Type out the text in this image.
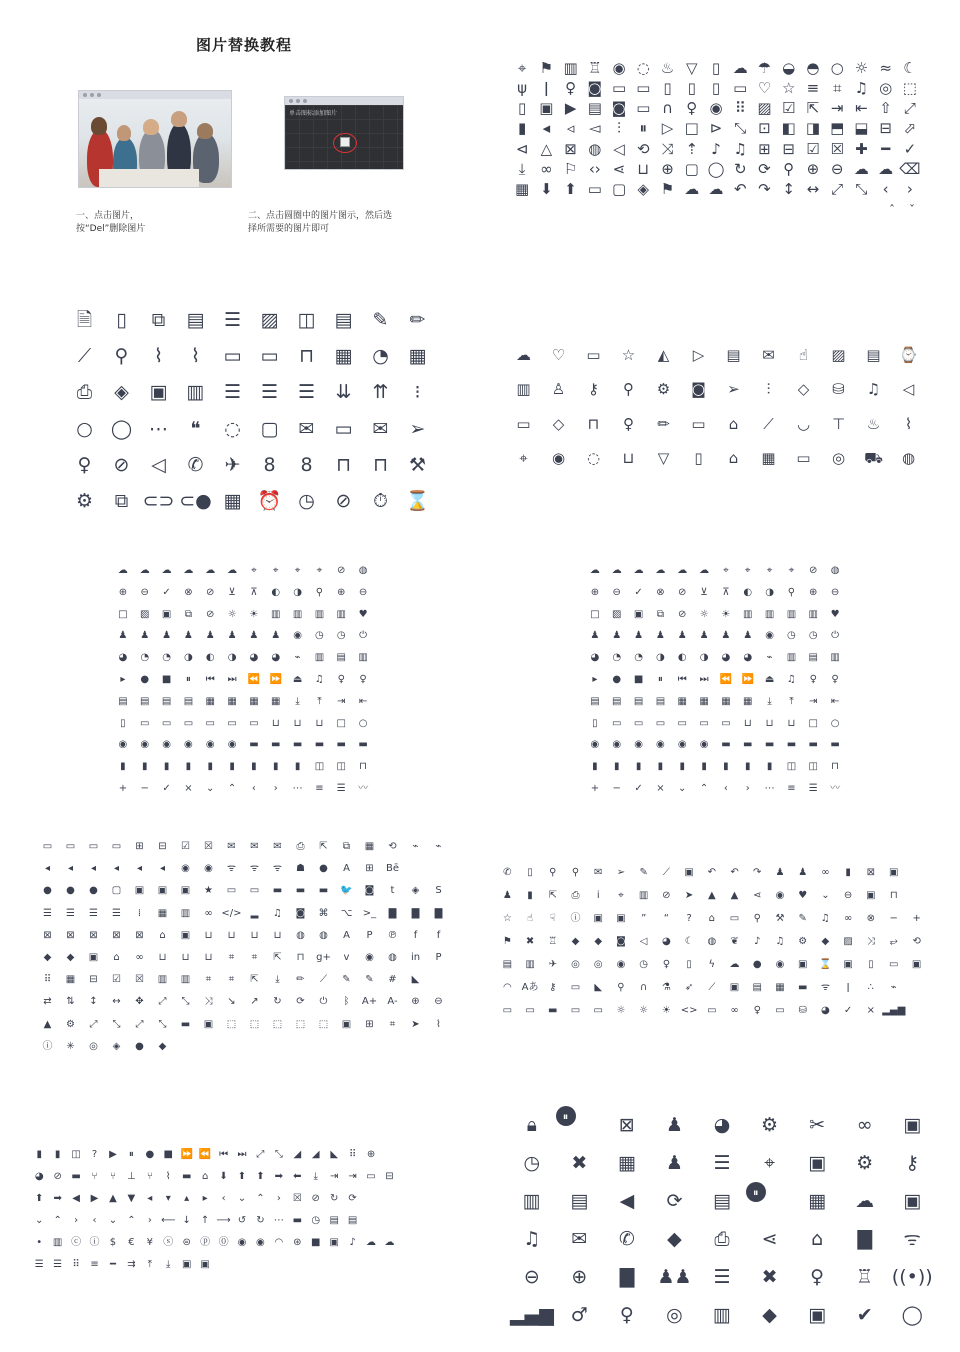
图片替换教程
单击图标添加图片
一、点击图片，按“Del”删除图片
二、点击圆圈中的图片图示，然后选择所需要的图片即可
⌖ ⚑ ▥ ♖ ◉ ◌ ♨ ▽ ▯ ☁ ☂ ◒ ◓ ○ ☼ ≈ ☾
ψ	ǀ	♀ ◙ ▭ ▭ ▯	▯	▯ ▭ ♡ ☆ ≡ ⌗ ♫ ◎ ⬚
▯ ▣ ▶ ▤ ◙ ▭ ∩ ♀ ◉ ⠿ ▨ ☑ ⇱ ⇥ ⇤ ⇧ ⤢
▮	◂	◃ ◅	⫶	⏸ ▷ □ ⊳ ⤡ ⊡ ◧ ◨ ⬒ ⬓ ⊟ ⬀
⊲ △ ⊠ ◍ ◁ ⟲ ⤨ ⇡ ♪ ♫ ⊞ ⊟ ☑ ☒ ✚ ━ ✓
⤓ ∞ ⚐ ‹› ⋖ ⊔ ⊕ ▢ ◯ ↻ ⟳ ⚲ ⊕ ⊖ ☁ ☁ ⌫
▦ ⬇ ⬆ ▭ ▢ ◈ ⚑ ☁ ☁ ↶ ↷ ↕ ↔ ⤢ ⤡	‹	›
ˆ	ˇ
🗎	▯	⧉	▤	☰	▨	◫	▤	✎	✏
⟋	⚲	⌇	⌇	▭	▭	⊓	▦	◔	▦
⎙	◈	▣	▥	☰	☰	☰	⇊	⇈	⁝
○ ◯ ⋯	❝	◌	▢	✉	▭	✉	➢
♀	⊘	◁	✆	✈	8	8	⊓	⊓	⚒
⚙	⧉ ⊂⊃ ⊂● ▦ ⏰ ◷	⊘	⏱ ⌛
☁	♡	▭	☆	◭	▷	▤	✉	☝	▨	▤	⌚
▥	♙	⚷	⚲	⚙	◙	➢	⫶	◇	⛁	♫	◁
▭	◇	⊓	♀	✏	▭	⌂	⟋	◡	⊤	♨	⌇
⌖	◉	◌	⊔	▽	▯	⌂	▦	▭	◎	⛟	◍
☁	☁	☁	☁	☁	☁	⌖	⌖	⌖	⌖	⊘	◍
⊕	⊖	✓	⊗	⊘	⊻	⊼	◐	◑	⚲	⊕	⊖
□	▨	▣	⧉	⊘	☼	☀	▥	▥	▥	▥	♥
♟	♟	♟	♟	♟	♟	♟	♟	◉	◷	◷	⏻
◕	◔	◔	◑	◐	◑	◕	◕	⌁	▥	▤	▥
▸	●	■	⏸	⏮	⏭	⏪ ⏩	⏏	♫	♀	♀
▤	▤	▤	▤	▦	▦	▦	▦	⤓	⤒	⇥	⇤
▯	▭	▭	▭	▭	▭	▭	⊔	⊔	⊔	□	○
◉	◉	◉	◉	◉	◉	▬	▬	▬	▬	▬	▬
▮	▮	▮	▮	▮	▮	▮	▮	▮	◫	◫	⊓
+	−	✓	×	⌄	⌃	‹	›	⋯	≡	☰	〰
☁	☁	☁	☁	☁	☁	⌖	⌖	⌖	⌖	⊘	◍
⊕	⊖	✓	⊗	⊘	⊻	⊼	◐	◑	⚲	⊕	⊖
□	▨	▣	⧉	⊘	☼	☀	▥	▥	▥	▥	♥
♟	♟	♟	♟	♟	♟	♟	♟	◉	◷	◷	⏻
◕	◔	◔	◑	◐	◑	◕	◕	⌁	▥	▤	▥
▸	●	■	⏸	⏮	⏭	⏪ ⏩	⏏	♫	♀	♀
▤	▤	▤	▤	▦	▦	▦	▦	⤓	⤒	⇥	⇤
▯	▭	▭	▭	▭	▭	▭	⊔	⊔	⊔	□	○
◉	◉	◉	◉	◉	◉	▬	▬	▬	▬	▬	▬
▮	▮	▮	▮	▮	▮	▮	▮	▮	◫	◫	⊓
+	−	✓	×	⌄	⌃	‹	›	⋯	≡	☰	〰
▭	▭	▭	▭	⊞	⊟	☑	☒	✉	✉	✉	⎙	⇱	⧉	▦	⟲	⌁	⌁
◂	◂	◂	◂	◂	◂	◉	◉	ᯤ	ᯤ	ᯤ	☗	●	A	⊞	Bē
●	●	●	▢	▣	▣	▣	★	▭	▭	▬	▬	▬	🐦	◙	t	◈	S
☰	☰	☰	☰	⁞	▦	▥	∞ </> ▂	♫	◙	⌘	⌥	>_	▇	▇	▇
⊠	⊠	⊠	⊠	⊠	⌂	▣	⊔	⊔	⊔	⊔	◍	◍	A	P	℗	f	f
◆	◆	▣	⌂	∞	⊔	⊔	⊔	⌗	⌗	⇱	⊓	g+	v	◉	◍	in	P
⠿	▦	⊟	☑	☒	▥	▥	⌗	⌗	⇱	⤓	✏	⟋	✎	✎	#	◣
⇄	⇅	↕	↔	✥	⤢	⤡	⤨	↘	↗	↻	⟳	⏻	ᛒ	A+	A-	⊕	⊖
▲	⚙	⤢	⤡	⤢	⤡	▬	▣	⬚	⬚	⬚	⬚	⬚	▣	⊞	⌗	➤	⌇
ⓘ	✳	◎	◈	●	◆
✆	▯	⚲	⚲	✉	➢	✎	⟋	▣	↶	↶	↷	♟	♟	∞	▮	⊠	▣
♟	▮	⇱	⎙	i	⌖	▥	⊘	➤	▲	▲	⋖	◉	♥	⌄	⊖	▣	⊓
☆	☝	☟	ⓘ	▣	▣	”	“	?	⌂	▭	⚲	⚒	✎	♫	∞	⊗	−	+
⚑	✖	♖	◆	◆	◙	◁	◕	☾	◍	❦	♪	♫	⚙	◆	▨	⤨	⥂	⟲
▤	▥	✈	◎	◎	◉	◷	♀	▯	ϟ	☁	●	◉	▣	⌛	▣	▯	▭	▣
◠ Aあ	⚷	▭	◣	⚲	∩	⚗	➶	⟋	▣	▤	▦	▬	ᯤ	ǀ	∴	⌁
▭	▭	▬	▭	▭	☼	☼	☀ <> ▭	∞	♀	▭	⛁	◕	✓	× ▂▄▆
▮	▮	◫	?	▶	⏸	● ■ ⏩ ⏪ ⏮ ⏭ ⤢	⤡	◢	◢	◣	⠿	⊕
◕ ⊘ ▬	⑂	⑂	⊥	⑂	⌇	▬	⌂	⬇	⬆	⬆	➡	⬅	⤓	⇥	⇥ ▭ ⊟
⬆	➡	◀	▶	▲	▼	◂	▾	▴	▸	‹	⌄	⌃	›	☒ ⊘	↻	⟳
⌄	⌃	›	‹	⌄	⌃	› ⟵ ↓	↑ ⟶ ↺	↻ ⋯ ▬ ◷ ▤ ▤
•	▥ ⓒ ⓘ	$	€	¥	ⓢ ⊜ ⓟ ⓪ ◉ ◉ ◠ ⊛ ■ ▣	♪	☁ ☁
☰ ☰	⠿	≡	━	⇉	⤒	⤓	▣ ▣
🔒︎	⏸	⊠	♟	◕	⚙	✂	∞	▣
◷	✖	▦	♟	☰	⌖	▣	⚙	⚷
▥	▤	◀	⟳	▤	⏸	▦	☁	▣
♫	✉	✆	◆	⎙	⋖	⌂	▇	ᯤ
⊖	⊕	▇	♟♟	☰	✖	♀	♖ ((•))
▂▄▆ ♂	♀	◎	▥	◆	▣	✔	◯
